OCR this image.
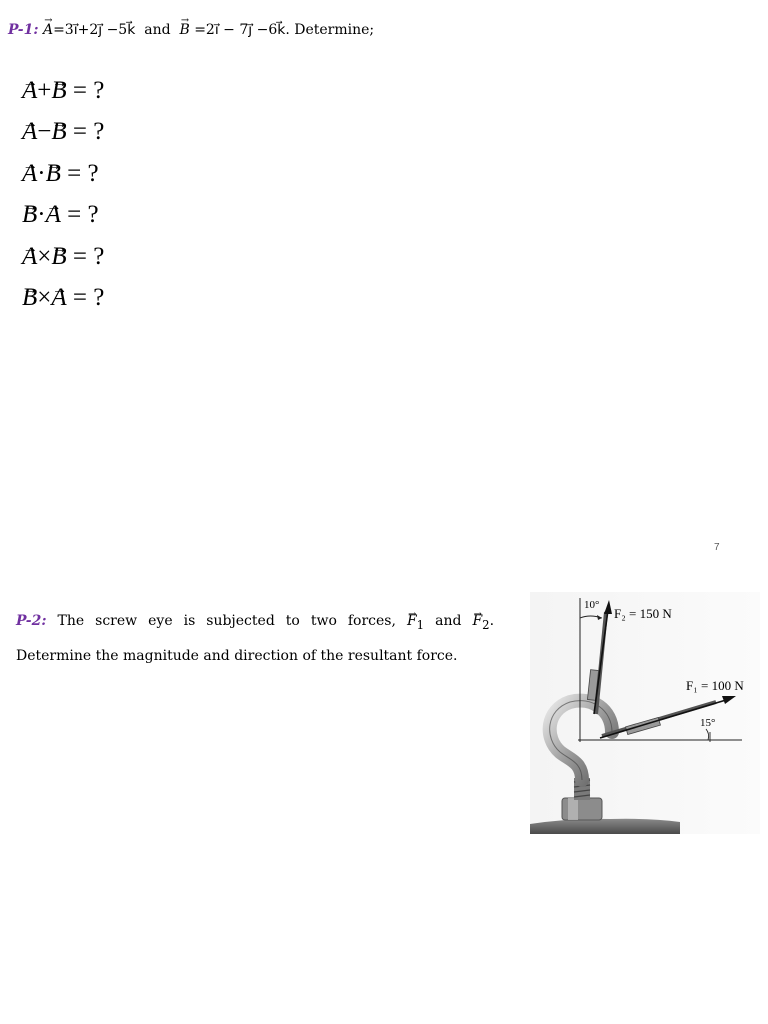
P-1: → A=3i⃗+2j⃗ −5k⃗ and → B =2i⃗ − 7j⃗ −6k⃗. Determine;
→ A+→ B = ?
→ A−→ B = ?
→ A·→ B = ?
→ B·→ A = ?
→ A×→ B = ?
→ B×→ A = ?
7
P-2: The screw eye is subjected to two forces, → $F_1$ and → $F_2$. Determine the magnitude and direction of the resultant force.
10°
F₂ = 150 N
F₁ = 100 N
15°
